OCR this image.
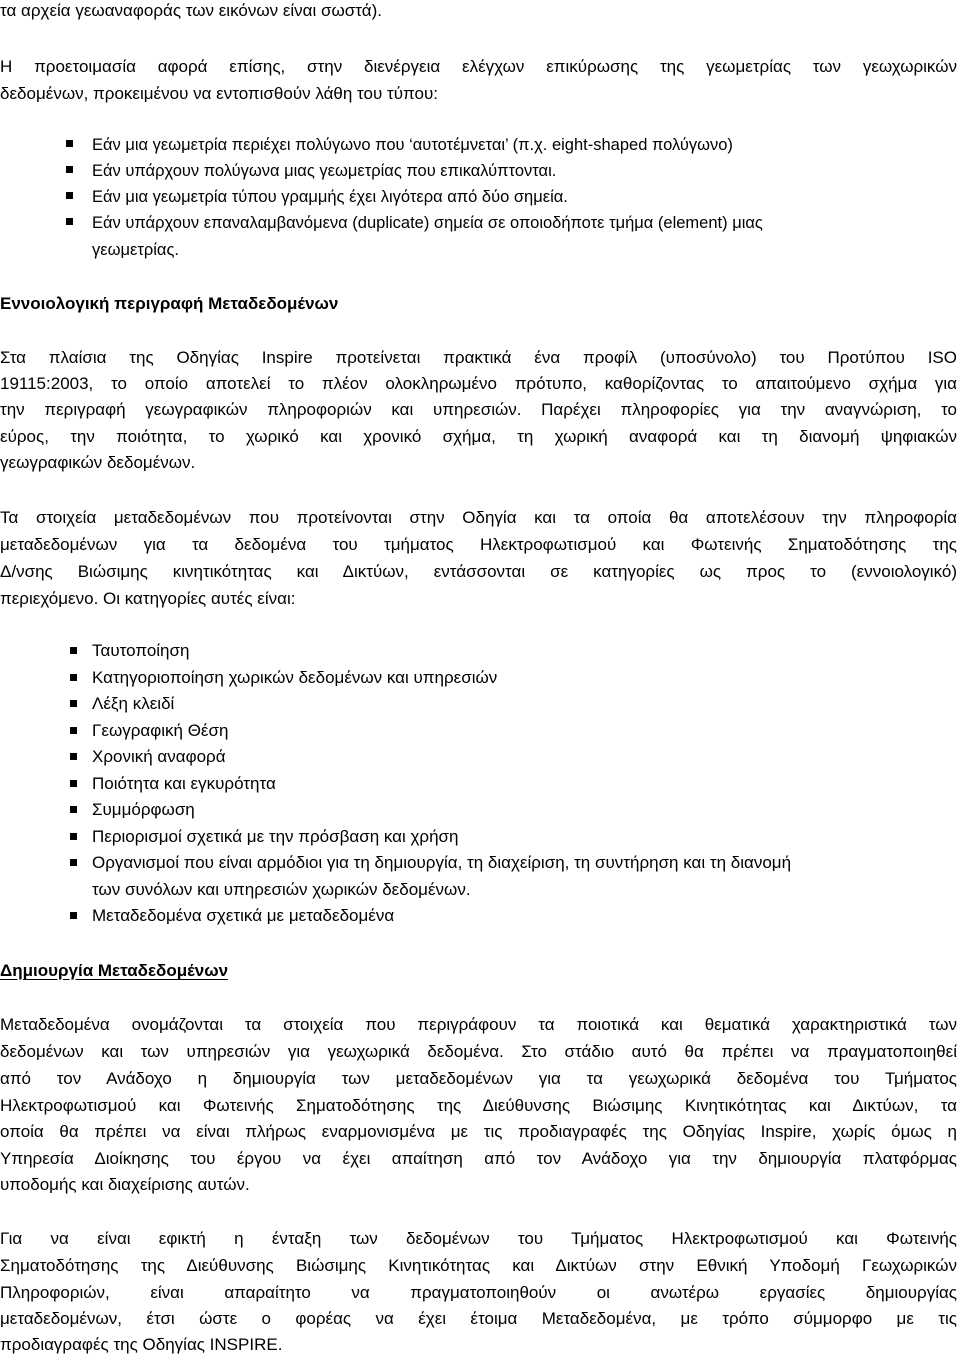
τα αρχεία γεωαναφοράς των εικόνων είναι σωστά).
Η προετοιμασία αφορά επίσης, στην διενέργεια ελέγχων επικύρωσης της γεωμετρίας των γεωχωρικών
δεδομένων, προκειμένου να εντοπισθούν λάθη του τύπου:
Εάν μια γεωμετρία περιέχει πολύγωνο που ‘αυτοτέμνεται’ (π.χ. eight-shaped πολύγωνο)
Εάν υπάρχουν πολύγωνα μιας γεωμετρίας που επικαλύπτονται.
Εάν μια γεωμετρία τύπου γραμμής έχει λιγότερα από δύο σημεία.
Εάν υπάρχουν επαναλαμβανόμενα (duplicate) σημεία σε οποιοδήποτε τμήμα (element) μιας
γεωμετρίας.
Εννοιολογική περιγραφή Μεταδεδομένων
Στα πλαίσια της Οδηγίας Inspire προτείνεται πρακτικά ένα προφίλ (υποσύνολο) του Προτύπου ISO
19115:2003, το οποίο αποτελεί το πλέον ολοκληρωμένο πρότυπο, καθορίζοντας το απαιτούμενο σχήμα για
την περιγραφή γεωγραφικών πληροφοριών και υπηρεσιών. Παρέχει πληροφορίες για την αναγνώριση, το
εύρος, την ποιότητα, το χωρικό και χρονικό σχήμα, τη χωρική αναφορά και τη διανομή ψηφιακών
γεωγραφικών δεδομένων.
Τα στοιχεία μεταδεδομένων που προτείνονται στην Οδηγία και τα οποία θα αποτελέσουν την πληροφορία
μεταδεδομένων για τα δεδομένα του τμήματος Ηλεκτροφωτισμού και Φωτεινής Σηματοδότησης της
Δ/νσης Βιώσιμης κινητικότητας και Δικτύων, εντάσσονται σε κατηγορίες ως προς το (εννοιολογικό)
περιεχόμενο. Οι κατηγορίες αυτές είναι:
Ταυτοποίηση
Κατηγοριοποίηση χωρικών δεδομένων και υπηρεσιών
Λέξη κλειδί
Γεωγραφική Θέση
Χρονική αναφορά
Ποιότητα και εγκυρότητα
Συμμόρφωση
Περιορισμοί σχετικά με την πρόσβαση και χρήση
Οργανισμοί που είναι αρμόδιοι για τη δημιουργία, τη διαχείριση, τη συντήρηση και τη διανομή
των συνόλων και υπηρεσιών χωρικών δεδομένων.
Μεταδεδομένα σχετικά με μεταδεδομένα
Δημιουργία Μεταδεδομένων
Μεταδεδομένα ονομάζονται τα στοιχεία που περιγράφουν τα ποιοτικά και θεματικά χαρακτηριστικά των
δεδομένων και των υπηρεσιών για γεωχωρικά δεδομένα. Στο στάδιο αυτό θα πρέπει να πραγματοποιηθεί
από τον Ανάδοχο η δημιουργία των μεταδεδομένων για τα γεωχωρικά δεδομένα του Τμήματος
Ηλεκτροφωτισμού και Φωτεινής Σηματοδότησης της Διεύθυνσης Βιώσιμης Κινητικότητας και Δικτύων, τα
οποία θα πρέπει να είναι πλήρως εναρμονισμένα με τις προδιαγραφές της Οδηγίας Inspire, χωρίς όμως η
Υπηρεσία Διοίκησης του έργου να έχει απαίτηση από τον Ανάδοχο για την δημιουργία πλατφόρμας
υποδομής και διαχείρισης αυτών.
Για να είναι εφικτή η ένταξη των δεδομένων του Τμήματος Ηλεκτροφωτισμού και Φωτεινής
Σηματοδότησης της Διεύθυνσης Βιώσιμης Κινητικότητας και Δικτύων στην Εθνική Υποδομή Γεωχωρικών
Πληροφοριών, είναι απαραίτητο να πραγματοποιηθούν οι ανωτέρω εργασίες δημιουργίας
μεταδεδομένων, έτσι ώστε ο φορέας να έχει έτοιμα Μεταδεδομένα, με τρόπο σύμμορφο με τις
προδιαγραφές της Οδηγίας INSPIRE.
